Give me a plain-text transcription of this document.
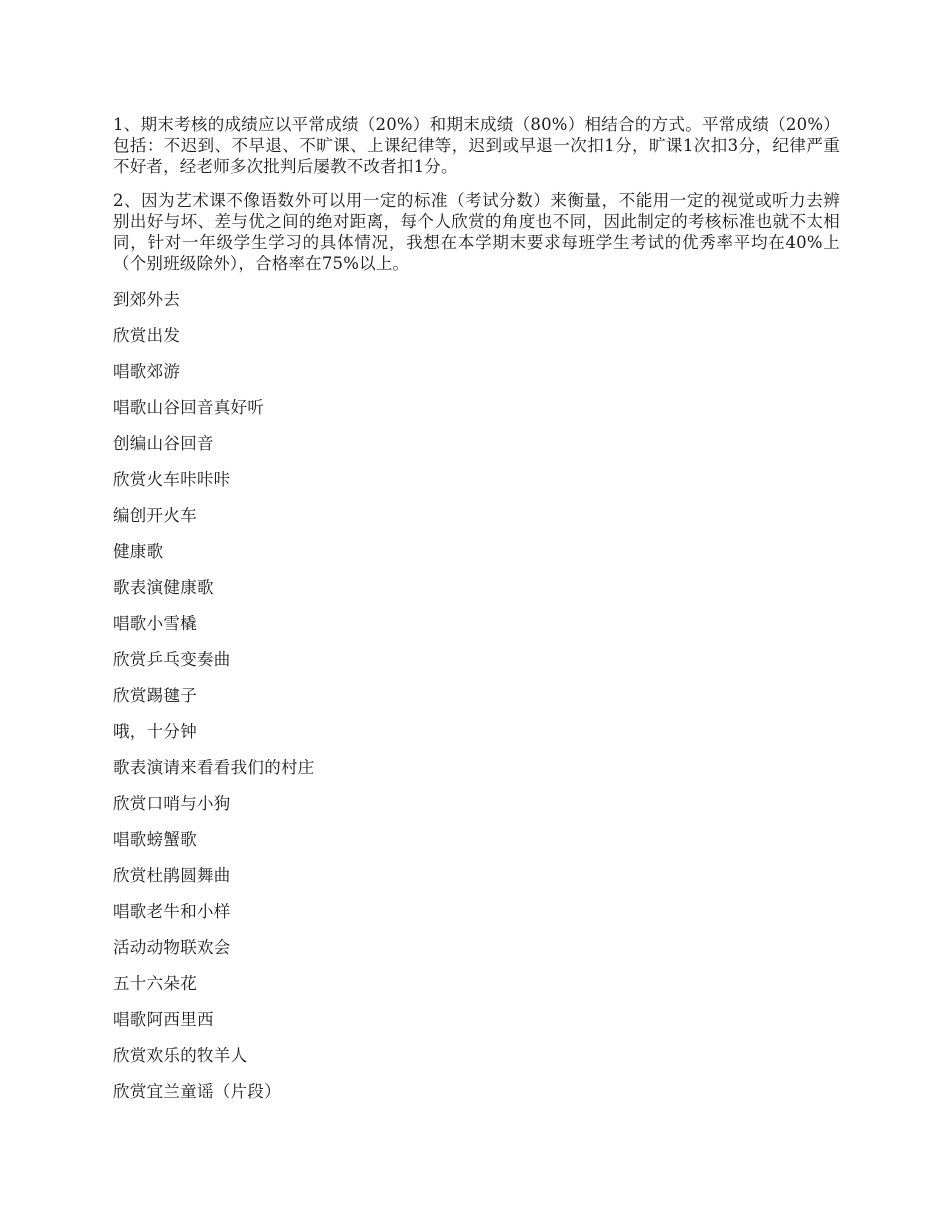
1、期末考核的成绩应以平常成绩（20%）和期末成绩（80%）相结合的方式。平常成绩（20%）包括：不迟到、不早退、不旷课、上课纪律等，迟到或早退一次扣1分，旷课1次扣3分，纪律严重不好者，经老师多次批判后屡教不改者扣1分。

2、因为艺术课不像语数外可以用一定的标准（考试分数）来衡量，不能用一定的视觉或听力去辨别出好与坏、差与优之间的绝对距离，每个人欣赏的角度也不同，因此制定的考核标准也就不太相同，针对一年级学生学习的具体情况，我想在本学期末要求每班学生考试的优秀率平均在40%上（个别班级除外），合格率在75%以上。

到郊外去
欣赏出发
唱歌郊游
唱歌山谷回音真好听
创编山谷回音
欣赏火车咔咔咔
编创开火车
健康歌
歌表演健康歌
唱歌小雪橇
欣赏乒乓变奏曲
欣赏踢毽子
哦，十分钟
歌表演请来看看我们的村庄
欣赏口哨与小狗
唱歌螃蟹歌
欣赏杜鹃圆舞曲
唱歌老牛和小样
活动动物联欢会
五十六朵花
唱歌阿西里西
欣赏欢乐的牧羊人
欣赏宜兰童谣（片段）
